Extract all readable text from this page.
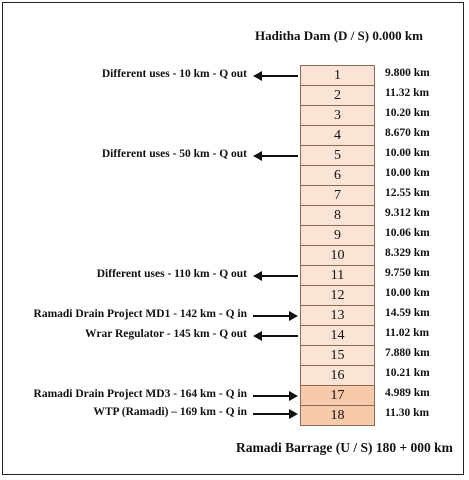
Haditha Dam (D / S) 0.000 km
1
2
3
4
5
6
7
8
9
10
11
12
13
14
15
16
17
18
9.800 km
11.32 km
10.20 km
8.670 km
10.00 km
10.00 km
12.55 km
9.312 km
10.06 km
8.329 km
9.750 km
10.00 km
14.59 km
11.02 km
7.880 km
10.21 km
4.989 km
11.30 km
Different uses - 10 km - Q out
Different uses - 50 km - Q out
Different uses - 110 km - Q out
Ramadi Drain Project MD1 - 142 km - Q in
Wrar Regulator - 145 km - Q out
Ramadi Drain Project MD3 - 164 km - Q in
WTP (Ramadi) – 169 km - Q in
Ramadi Barrage (U / S) 180 + 000 km
